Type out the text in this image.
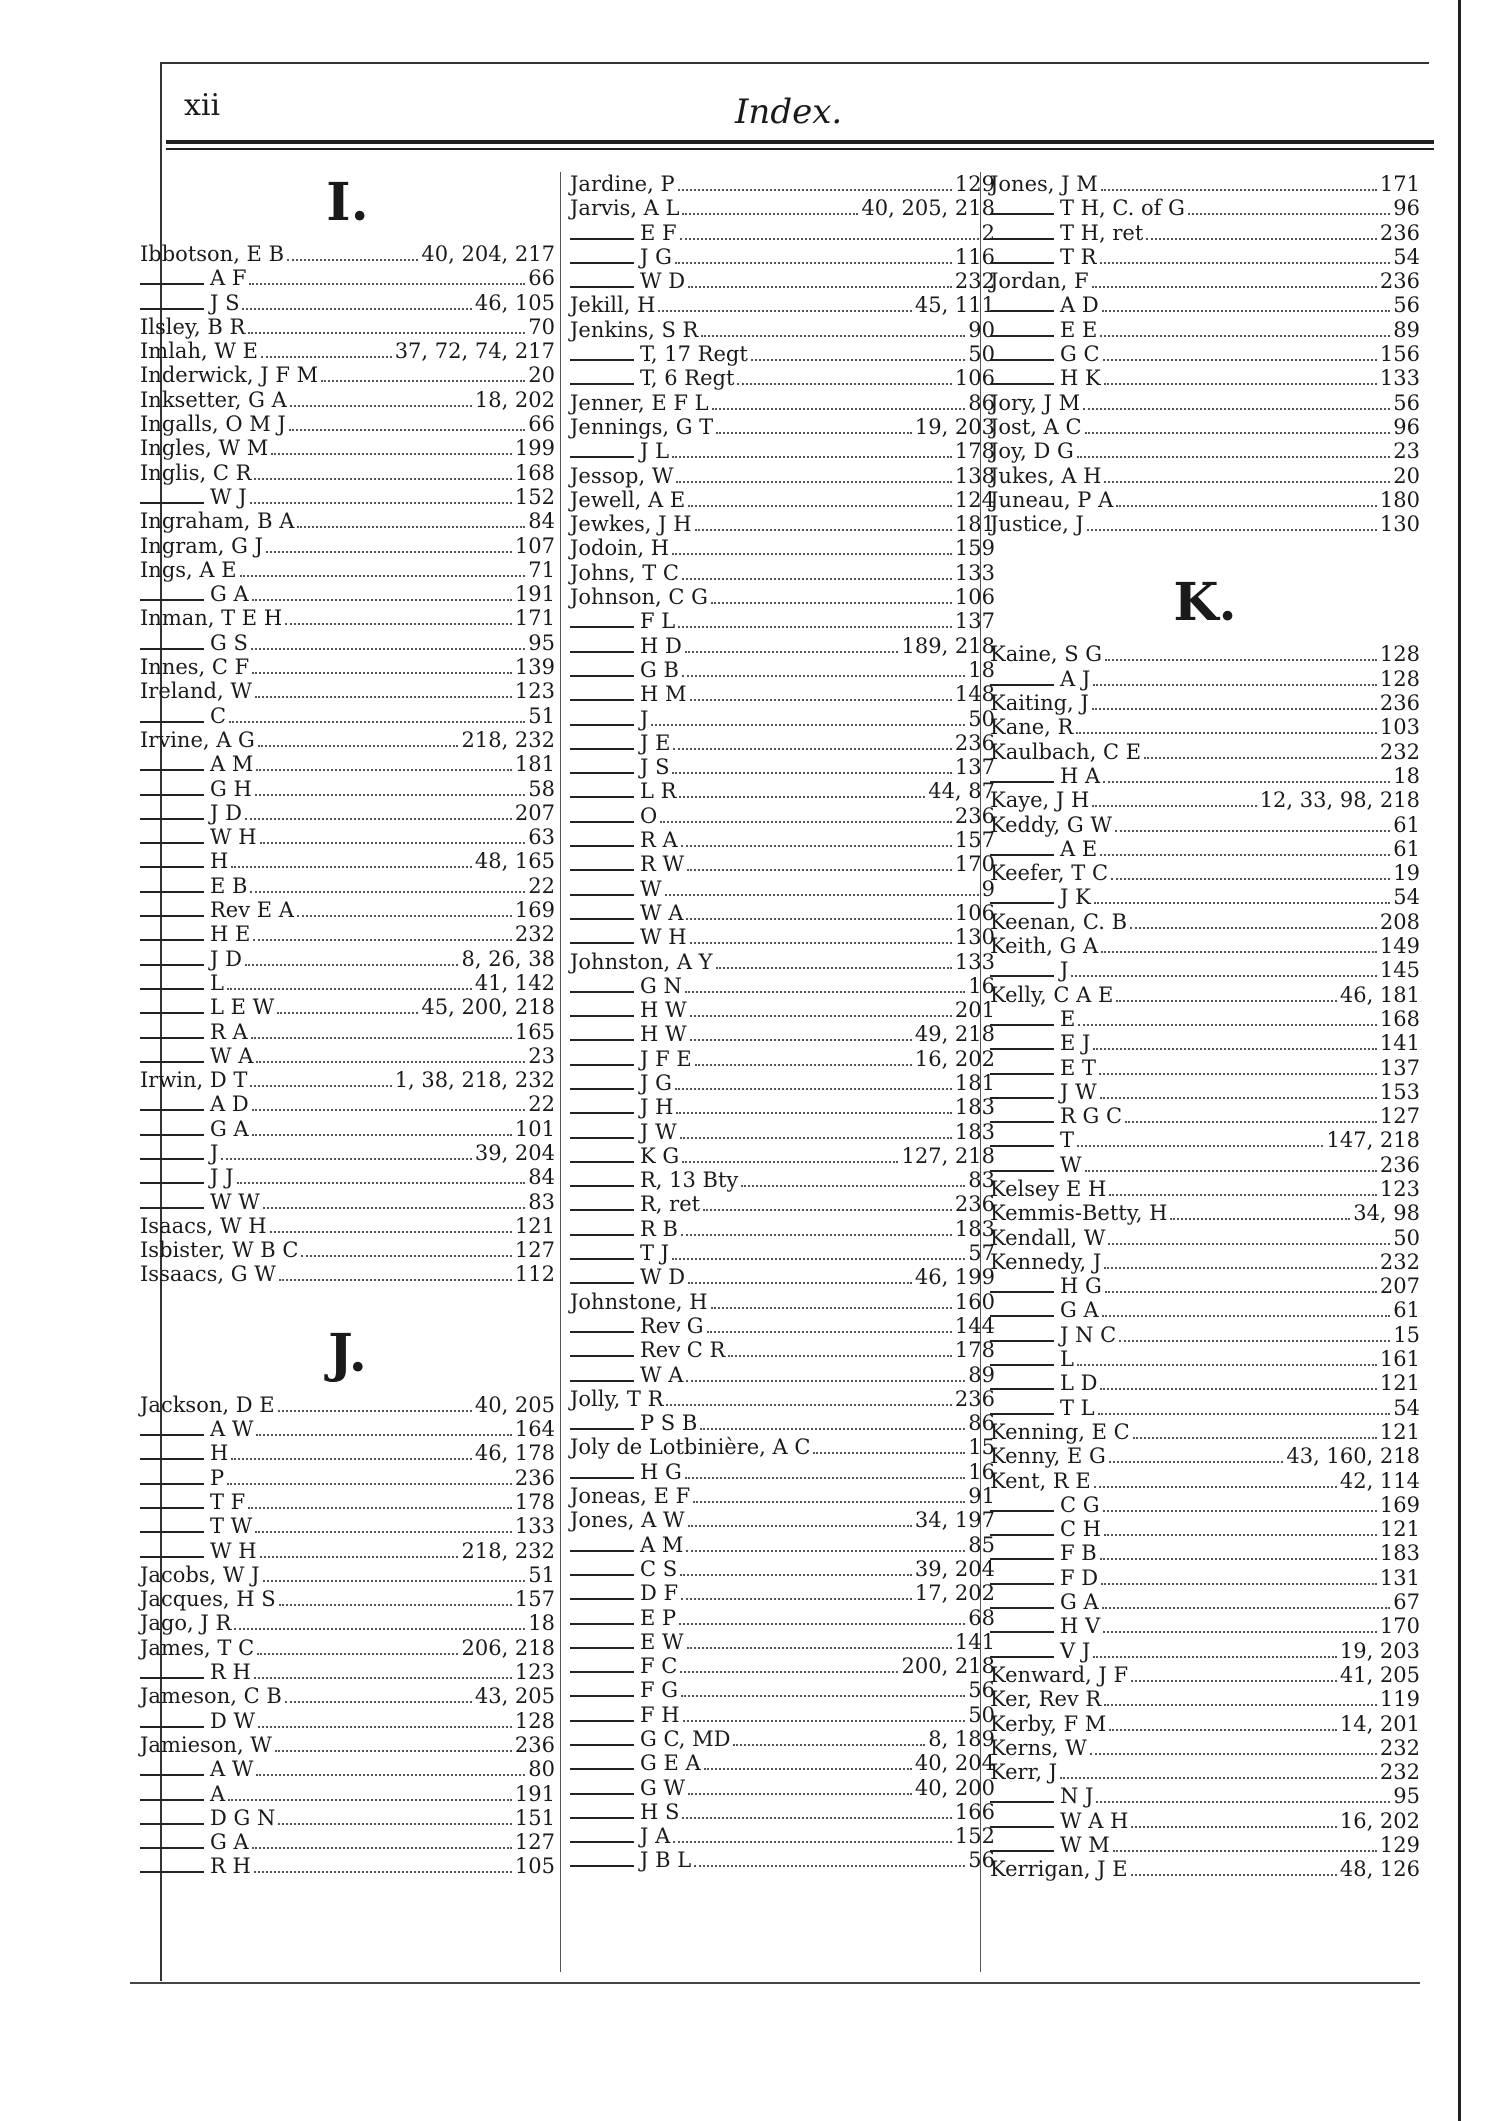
xii	Index.
I.
Ibbotson, E B	40, 204, 217
A F	66
J S	46, 105
Ilsley, B R	70
Imlah, W E	37, 72, 74, 217
Inderwick, J F M	20
Inksetter, G A	18, 202
Ingalls, O M J	66
Ingles, W M	199
Inglis, C R	168
W J	152
Ingraham, B A	84
Ingram, G J	107
Ings, A E	71
G A	191
Inman, T E H	171
G S	95
Innes, C F	139
Ireland, W	123
C	51
Irvine, A G	218, 232
A M	181
G H	58
J D	207
W H	63
H	48, 165
E B	22
Rev E A	169
H E	232
J D	8, 26, 38
L	41, 142
L E W	45, 200, 218
R A	165
W A	23
Irwin, D T	1, 38, 218, 232
A D	22
G A	101
J	39, 204
J J	84
W W	83
Isaacs, W H	121
Isbister, W B C	127
Issaacs, G W	112
J.
Jackson, D E	40, 205
A W	164
H	46, 178
P	236
T F	178
T W	133
W H	218, 232
Jacobs, W J	51
Jacques, H S	157
Jago, J R	18
James, T C	206, 218
R H	123
Jameson, C B	43, 205
D W	128
Jamieson, W	236
A W	80
A	191
D G N	151
G A	127
R H	105
Jardine, P	129
Jarvis, A L	40, 205, 218
E F	2
J G	116
W D	232
Jekill, H	45, 111
Jenkins, S R	90
T, 17 Regt	50
T, 6 Regt	106
Jenner, E F L	86
Jennings, G T	19, 203
J L	178
Jessop, W	138
Jewell, A E	124
Jewkes, J H	181
Jodoin, H	159
Johns, T C	133
Johnson, C G	106
F L	137
H D	189, 218
G B	18
H M	148
J	50
J E	236
J S	137
L R	44, 87
O	236
R A	157
R W	170
W	9
W A	106
W H	130
Johnston, A Y	133
G N	16
H W	201
H W	49, 218
J F E	16, 202
J G	181
J H	183
J W	183
K G	127, 218
R, 13 Bty	83
R, ret	236
R B	183
T J	57
W D	46, 199
Johnstone, H	160
Rev G	144
Rev C R	178
W A	89
Jolly, T R	236
P S B	86
Joly de Lotbinière, A C	15
H G	16
Joneas, E F	91
Jones, A W	34, 197
A M	85
C S	39, 204
D F	17, 202
E P	68
E W	141
F C	200, 218
F G	56
F H	50
G C, MD	8, 189
G E A	40, 204
G W	40, 200
H S	166
J A	152
J B L	56
Jones, J M	171
T H, C. of G	96
T H, ret	236
T R	54
Jordan, F	236
A D	56
E E	89
G C	156
H K	133
Jory, J M	56
Jost, A C	96
Joy, D G	23
Jukes, A H	20
Juneau, P A	180
Justice, J	130
K.
Kaine, S G	128
A J	128
Kaiting, J	236
Kane, R	103
Kaulbach, C E	232
H A	18
Kaye, J H	12, 33, 98, 218
Keddy, G W	61
A E	61
Keefer, T C	19
J K	54
Keenan, C. B	208
Keith, G A	149
J	145
Kelly, C A E	46, 181
E	168
E J	141
E T	137
J W	153
R G C	127
T	147, 218
W	236
Kelsey E H	123
Kemmis-Betty, H	34, 98
Kendall, W	50
Kennedy, J	232
H G	207
G A	61
J N C	15
L	161
L D	121
T L	54
Kenning, E C	121
Kenny, E G	43, 160, 218
Kent, R E	42, 114
C G	169
C H	121
F B	183
F D	131
G A	67
H V	170
V J	19, 203
Kenward, J F	41, 205
Ker, Rev R	119
Kerby, F M	14, 201
Kerns, W	232
Kerr, J	232
N J	95
W A H	16, 202
W M	129
Kerrigan, J E	48, 126
